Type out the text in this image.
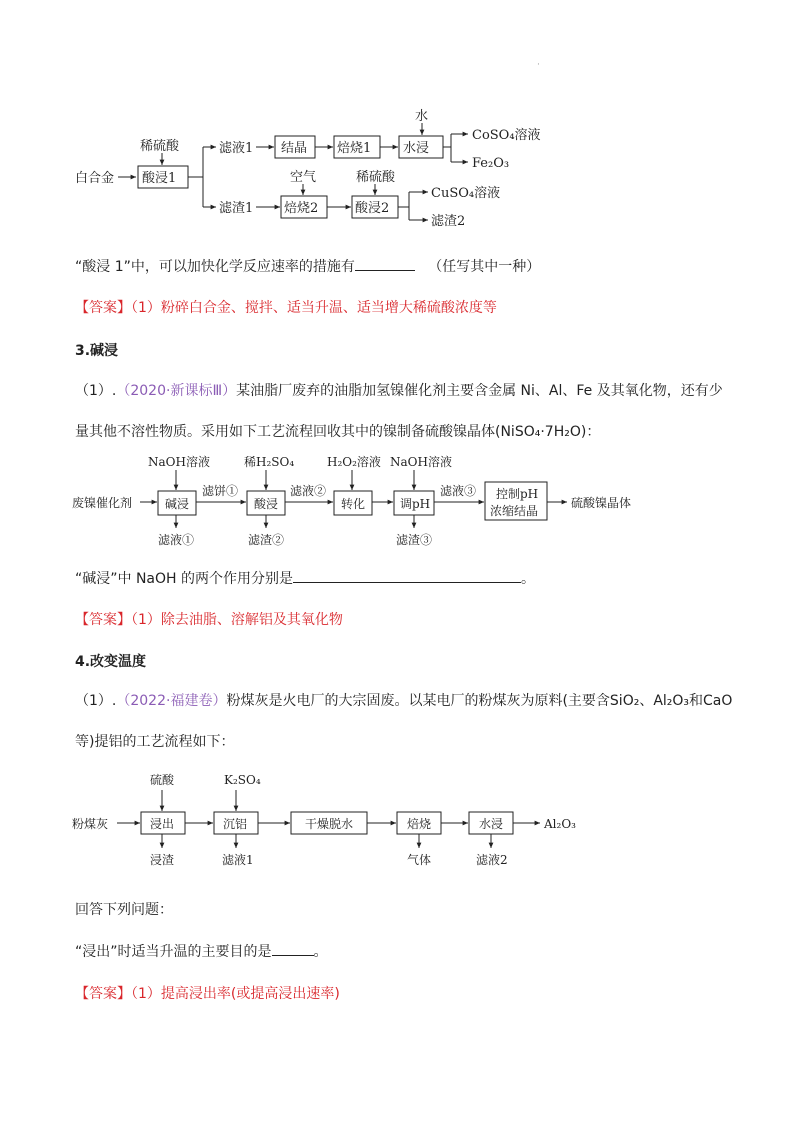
·
白合金
稀硫酸
酸浸1
滤液1 结晶 焙烧1
水
水浸
CoSO₄溶液
Fe₂O₃
滤渣1
空气
焙烧2
稀硫酸
酸浸2
CuSO₄溶液
滤渣2
“酸浸 1”中，可以加快化学反应速率的措施有	（任写其中一种）
【答案】（1）粉碎白合金、搅拌、适当升温、适当增大稀硫酸浓度等
3.碱浸
（1）.（2020·新课标Ⅲ）某油脂厂废弃的油脂加氢镍催化剂主要含金属 Ni、Al、Fe 及其氧化物，还有少
量其他不溶性物质。采用如下工艺流程回收其中的镍制备硫酸镍晶体(NiSO₄·7H₂O)：
废镍催化剂
NaOH溶液
碱浸
滤液①
滤饼①
稀H₂SO₄
酸浸
滤渣②
滤液②
H₂O₂溶液
转化
NaOH溶液
调pH
滤渣③
滤液③ 控制pH
浓缩结晶
硫酸镍晶体
“碱浸”中 NaOH 的两个作用分别是	。
【答案】（1）除去油脂、溶解铝及其氧化物
4.改变温度
（1）.（2022·福建卷）粉煤灰是火电厂的大宗固废。以某电厂的粉煤灰为原料(主要含SiO₂、Al₂O₃和CaO
等)提铝的工艺流程如下：
粉煤灰
硫酸
浸出
浸渣
K₂SO₄
沉铝
滤液1
干燥脱水	焙烧
气体
水浸
滤液2
Al₂O₃
回答下列问题：
“浸出”时适当升温的主要目的是	。
【答案】（1）提高浸出率(或提高浸出速率)
